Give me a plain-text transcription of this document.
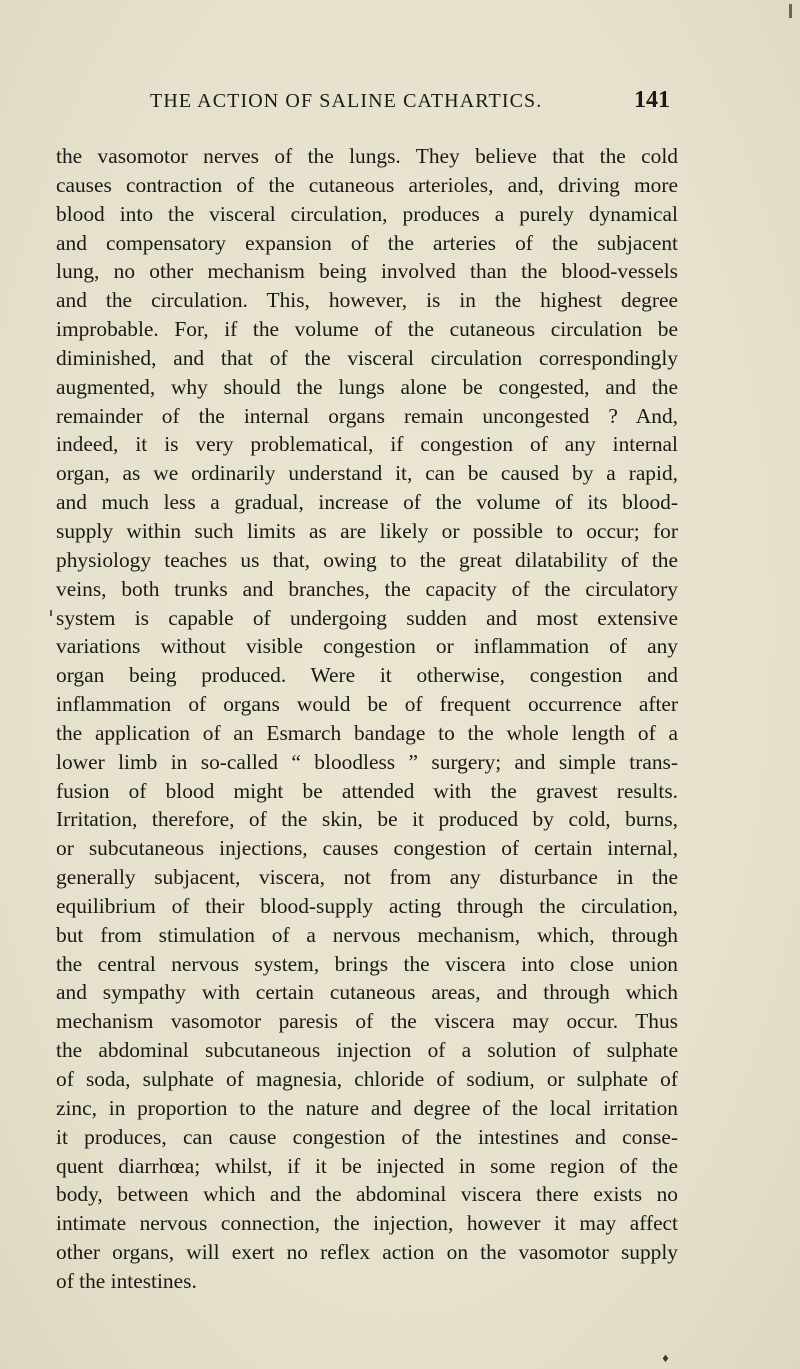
THE ACTION OF SALINE CATHARTICS.	141

the vasomotor nerves of the lungs. They believe that the cold
causes contraction of the cutaneous arterioles, and, driving more
blood into the visceral circulation, produces a purely dynamical
and compensatory expansion of the arteries of the subjacent
lung, no other mechanism being involved than the blood-vessels
and the circulation. This, however, is in the highest degree
improbable. For, if the volume of the cutaneous circulation be
diminished, and that of the visceral circulation correspondingly
augmented, why should the lungs alone be congested, and the
remainder of the internal organs remain uncongested ? And,
indeed, it is very problematical, if congestion of any internal
organ, as we ordinarily understand it, can be caused by a rapid,
and much less a gradual, increase of the volume of its blood-
supply within such limits as are likely or possible to occur; for
physiology teaches us that, owing to the great dilatability of the
veins, both trunks and branches, the capacity of the circulatory
system is capable of undergoing sudden and most extensive
variations without visible congestion or inflammation of any
organ being produced. Were it otherwise, congestion and
inflammation of organs would be of frequent occurrence after
the application of an Esmarch bandage to the whole length of a
lower limb in so-called “ bloodless ” surgery; and simple trans-
fusion of blood might be attended with the gravest results.
Irritation, therefore, of the skin, be it produced by cold, burns,
or subcutaneous injections, causes congestion of certain internal,
generally subjacent, viscera, not from any disturbance in the
equilibrium of their blood-supply acting through the circulation,
but from stimulation of a nervous mechanism, which, through
the central nervous system, brings the viscera into close union
and sympathy with certain cutaneous areas, and through which
mechanism vasomotor paresis of the viscera may occur. Thus
the abdominal subcutaneous injection of a solution of sulphate
of soda, sulphate of magnesia, chloride of sodium, or sulphate of
zinc, in proportion to the nature and degree of the local irritation
it produces, can cause congestion of the intestines and conse-
quent diarrhœa; whilst, if it be injected in some region of the
body, between which and the abdominal viscera there exists no
intimate nervous connection, the injection, however it may affect
other organs, will exert no reflex action on the vasomotor supply
of the intestines.

♦
